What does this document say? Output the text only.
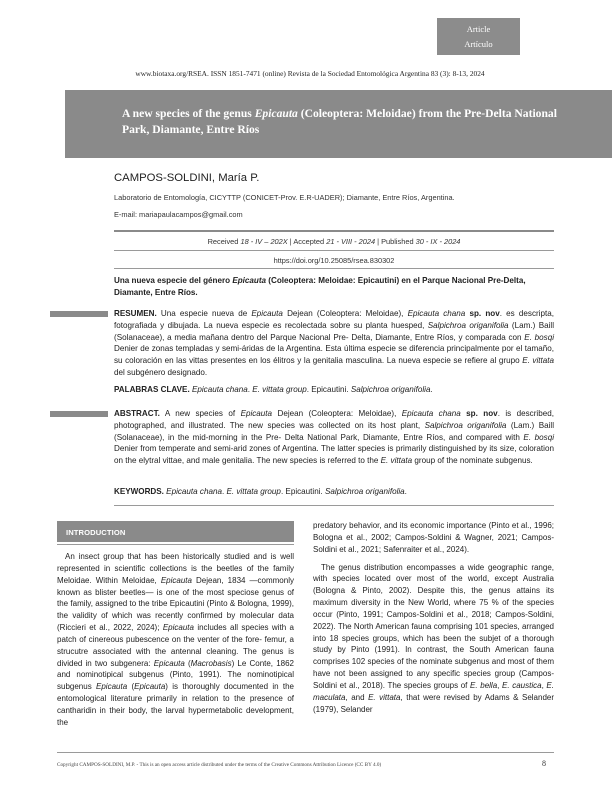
Article
Artículo
www.biotaxa.org/RSEA. ISSN 1851-7471 (online) Revista de la Sociedad Entomológica Argentina 83 (3): 8-13, 2024
A new species of the genus Epicauta (Coleoptera: Meloidae) from the Pre-Delta National Park, Diamante, Entre Ríos
CAMPOS-SOLDINI, María P.
Laboratorio de Entomología, CICYTTP (CONICET-Prov. E.R-UADER); Diamante, Entre Ríos, Argentina.
E-mail: mariapaulacampos@gmail.com
Received 18 - IV – 202X | Accepted 21 - VIII - 2024 | Published 30 - IX - 2024
https://doi.org/10.25085/rsea.830302
Una nueva especie del género Epicauta (Coleoptera: Meloidae: Epicautini) en el Parque Nacional Pre-Delta, Diamante, Entre Ríos.
RESUMEN. Una especie nueva de Epicauta Dejean (Coleoptera: Meloidae), Epicauta chana sp. nov. es descripta, fotografiada y dibujada. La nueva especie es recolectada sobre su planta huesped, Salpichroa origanifolia (Lam.) Baill (Solanaceae), a media mañana dentro del Parque Nacional Pre- Delta, Diamante, Entre Ríos, y comparada con E. bosqi Denier de zonas templadas y semi-áridas de la Argentina. Esta última especie se diferencia principalmente por el tamaño, su coloración en las vittas presentes en los élitros y la genitalia masculina. La nueva especie se refiere al grupo E. vittata del subgénero designado.
PALABRAS CLAVE. Epicauta chana. E. vittata group. Epicautini. Salpichroa origanifolia.
ABSTRACT. A new species of Epicauta Dejean (Coleoptera: Meloidae), Epicauta chana sp. nov. is described, photographed, and illustrated. The new species was collected on its host plant, Salpichroa origanifolia (Lam.) Baill (Solanaceae), in the mid-morning in the Pre- Delta National Park, Diamante, Entre Ríos, and compared with E. bosqi Denier from temperate and semi-arid zones of Argentina. The latter species is primarily distinguished by its size, coloration on the elytral vittae, and male genitalia. The new species is referred to the E. vittata group of the nominate subgenus.
KEYWORDS. Epicauta chana. E. vittata group. Epicautini. Salpichroa origanifolia.
INTRODUCTION

An insect group that has been historically studied and is well represented in scientific collections is the beetles of the family Meloidae. Within Meloidae, Epicauta Dejean, 1834 —commonly known as blister beetles— is one of the most speciose genus of the family, assigned to the tribe Epicautini (Pinto & Bologna, 1999), the validity of which was recently confirmed by molecular data (Riccieri et al., 2022, 2024); Epicauta includes all species with a patch of cinereous pubescence on the venter of the fore- femur, a strucutre associated with the antennal cleaning. The genus is divided in two subgenera: Epicauta (Macrobasis) Le Conte, 1862 and nominotipical subgenus (Pinto, 1991). The nominotipical subgenus Epicauta (Epicauta) is thoroughly documented in the entomological literature primarily in relation to the presence of cantharidin in their body, the larval hypermetabolic development, the

predatory behavior, and its economic importance (Pinto et al., 1996; Bologna et al., 2002; Campos-Soldini & Wagner, 2021; Campos-Soldini et al., 2021; Safenraiter et al., 2024).

The genus distribution encompasses a wide geographic range, with species located over most of the world, except Australia (Bologna & Pinto, 2002). Despite this, the genus attains its maximum diversity in the New World, where 75 % of the species occur (Pinto, 1991; Campos-Soldini et al., 2018; Campos-Soldini, 2022). The North American fauna comprising 101 species, arranged into 18 species groups, which has been the subjet of a thorough study by Pinto (1991). In contrast, the South American fauna comprises 102 species of the nominate subgenus and most of them have not been assigned to any specific species group (Campos-Soldini et al., 2018). The species groups of E. bella, E. caustica, E. maculata, and E. vittata, that were revised by Adams & Selander (1979), Selander

Copyright CAMPOS-SOLDINI, M.P. - This is an open access article distributed under the terms of the Creative Commons Attribution Licence (CC BY 4.0)	8
